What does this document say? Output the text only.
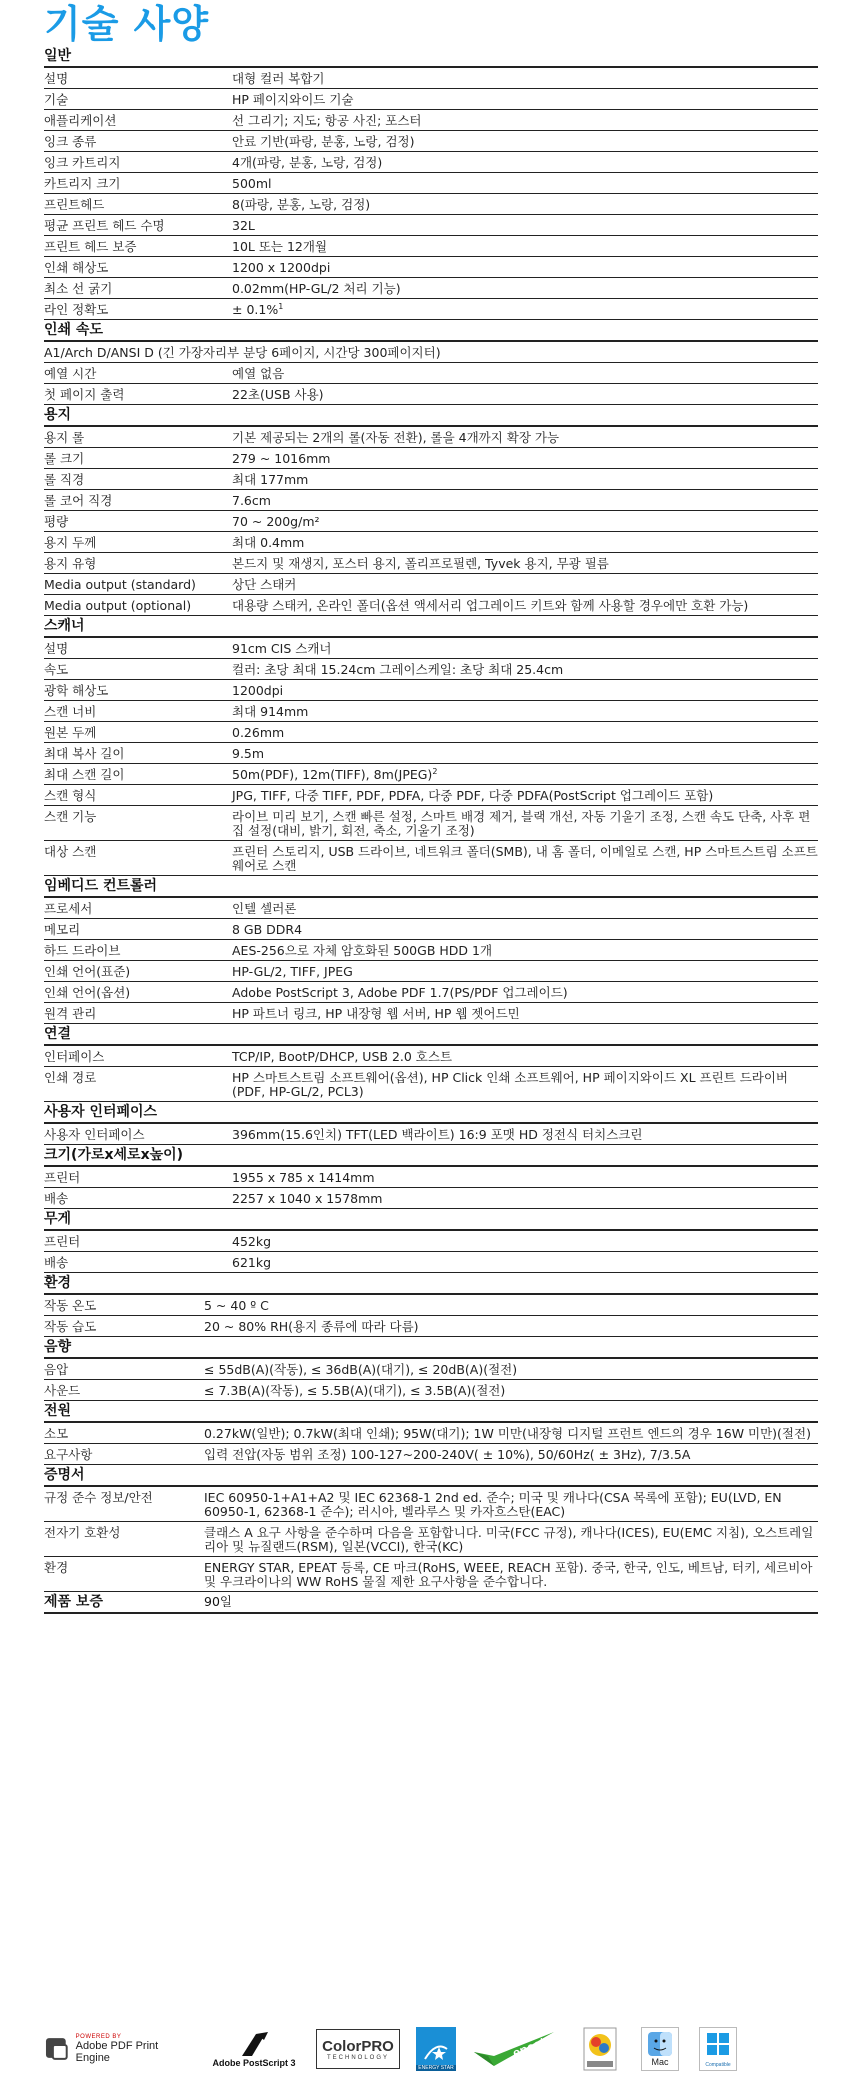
기술 사양
일반
설명	대형 컬러 복합기
기술	HP 페이지와이드 기술
애플리케이션	선 그리기; 지도; 항공 사진; 포스터
잉크 종류	안료 기반(파랑, 분홍, 노랑, 검정)
잉크 카트리지	4개(파랑, 분홍, 노랑, 검정)
카트리지 크기	500ml
프린트헤드	8(파랑, 분홍, 노랑, 검정)
평균 프린트 헤드 수명	32L
프린트 헤드 보증	10L 또는 12개월
인쇄 해상도	1200 x 1200dpi
최소 선 굵기	0.02mm(HP-GL/2 처리 기능)
라인 정확도	± 0.1%$^1$
인쇄 속도
A1/Arch D/ANSI D (긴 가장자리부 분당 6페이지, 시간당 300페이지터)
예열 시간	예열 없음
첫 페이지 출력	22초(USB 사용)
용지
용지 롤	기본 제공되는 2개의 롤(자동 전환), 롤을 4개까지 확장 가능
롤 크기	279 ~ 1016mm
롤 직경	최대 177mm
롤 코어 직경	7.6cm
평량	70 ~ 200g/m²
용지 두께	최대 0.4mm
용지 유형	본드지 및 재생지, 포스터 용지, 폴리프로필렌, Tyvek 용지, 무광 필름
Media output (standard)	상단 스태커
Media output (optional)	대용량 스태커, 온라인 폴더(옵션 액세서리 업그레이드 키트와 함께 사용할 경우에만 호환 가능)
스캐너
설명	91cm CIS 스캐너
속도	컬러: 초당 최대 15.24cm 그레이스케일: 초당 최대 25.4cm
광학 해상도	1200dpi
스캔 너비	최대 914mm
원본 두께	0.26mm
최대 복사 길이	9.5m
최대 스캔 길이	50m(PDF), 12m(TIFF), 8m(JPEG)$^2$
스캔 형식	JPG, TIFF, 다중 TIFF, PDF, PDFA, 다중 PDF, 다중 PDFA(PostScript 업그레이드 포함)
스캔 기능	라이브 미리 보기, 스캔 빠른 설정, 스마트 배경 제거, 블랙 개선, 자동 기울기 조정, 스캔 속도 단축, 사후 편집 설정(대비, 밝기, 회전, 축소, 기울기 조정)
대상 스캔	프린터 스토리지, USB 드라이브, 네트워크 폴더(SMB), 내 홈 폴더, 이메일로 스캔, HP 스마트스트림 소프트웨어로 스캔
임베디드 컨트롤러
프로세서	인텔 셀러론
메모리	8 GB DDR4
하드 드라이브	AES-256으로 자체 암호화된 500GB HDD 1개
인쇄 언어(표준)	HP-GL/2, TIFF, JPEG
인쇄 언어(옵션)	Adobe PostScript 3, Adobe PDF 1.7(PS/PDF 업그레이드)
원격 관리	HP 파트너 링크, HP 내장형 웹 서버, HP 웹 젯어드민
연결
인터페이스	TCP/IP, BootP/DHCP, USB 2.0 호스트
인쇄 경로	HP 스마트스트림 소프트웨어(옵션), HP Click 인쇄 소프트웨어, HP 페이지와이드 XL 프린트 드라이버(PDF, HP-GL/2, PCL3)
사용자 인터페이스
사용자 인터페이스	396mm(15.6인치) TFT(LED 백라이트) 16:9 포맷 HD 정전식 터치스크린
크기(가로x세로x높이)
프린터	1955 x 785 x 1414mm
배송	2257 x 1040 x 1578mm
무게
프린터	452kg
배송	621kg
환경
작동 온도	5 ~ 40 º C
작동 습도	20 ~ 80% RH(용지 종류에 따라 다름)
음향
음압	≤ 55dB(A)(작동), ≤ 36dB(A)(대기), ≤ 20dB(A)(절전)
사운드	≤ 7.3B(A)(작동), ≤ 5.5B(A)(대기), ≤ 3.5B(A)(절전)
전원
소모	0.27kW(일반); 0.7kW(최대 인쇄); 95W(대기); 1W 미만(내장형 디지털 프런트 엔드의 경우 16W 미만)(절전)
요구사항	입력 전압(자동 범위 조정) 100-127~200-240V( ± 10%), 50/60Hz( ± 3Hz), 7/3.5A
증명서
규정 준수 정보/안전	IEC 60950-1+A1+A2 및 IEC 62368-1 2nd ed. 준수; 미국 및 캐나다(CSA 목록에 포함); EU(LVD, EN 60950-1, 62368-1 준수); 러시아, 벨라루스 및 카자흐스탄(EAC)
전자기 호환성	클래스 A 요구 사항을 준수하며 다음을 포함합니다. 미국(FCC 규정), 캐나다(ICES), EU(EMC 지침), 오스트레일리아 및 뉴질랜드(RSM), 일본(VCCI), 한국(KC)
환경	ENERGY STAR, EPEAT 등록, CE 마크(RoHS, WEEE, REACH 포함). 중국, 한국, 인도, 베트남, 터키, 세르비아 및 우크라이나의 WW RoHS 물질 제한 요구사항을 준수합니다.
제품 보증	90일
POWERED BY
Adobe PDF Print Engine	Adobe PostScript 3
ColorPRO
TECHNOLOGY
ENERGY STAR
epeat
Mac	Compatible
